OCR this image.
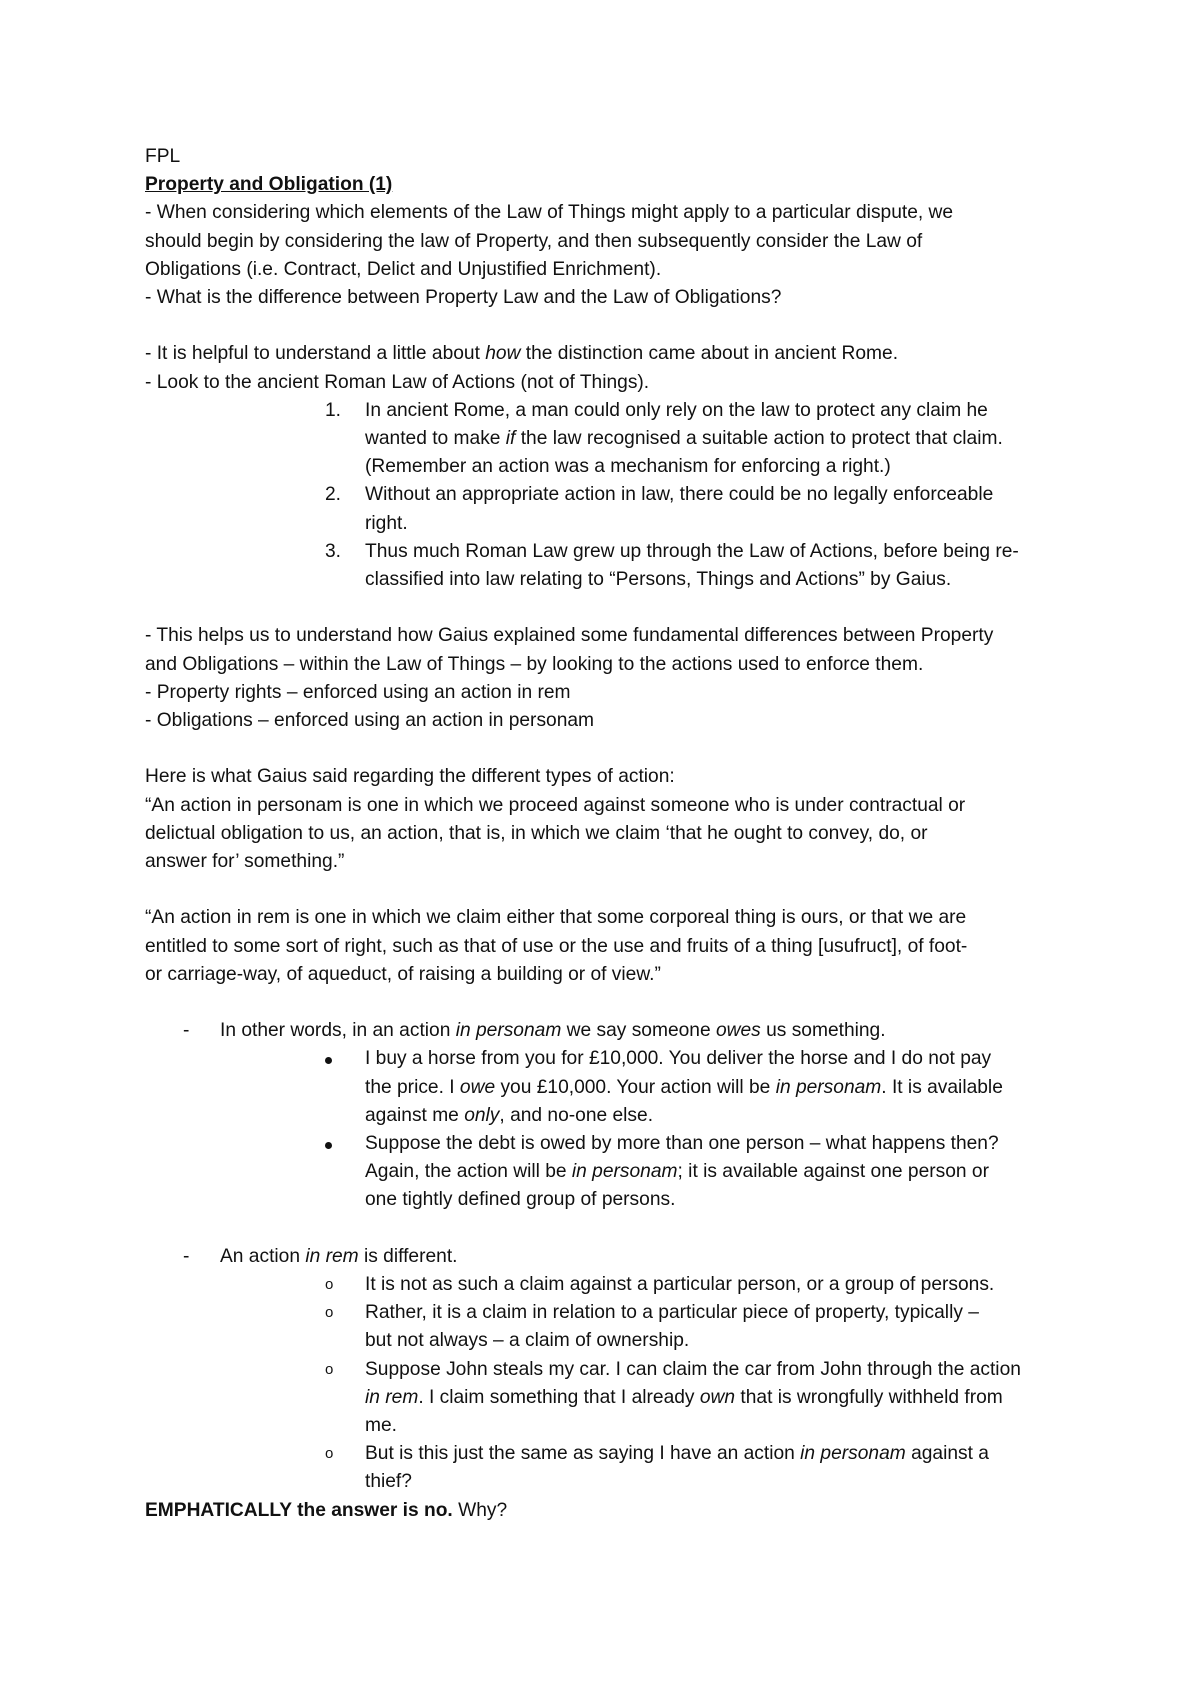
FPL
Property and Obligation (1)
- When considering which elements of the Law of Things might apply to a particular dispute, we
should begin by considering the law of Property, and then subsequently consider the Law of
Obligations (i.e. Contract, Delict and Unjustified Enrichment).
- What is the difference between Property Law and the Law of Obligations?
- It is helpful to understand a little about how the distinction came about in ancient Rome.
- Look to the ancient Roman Law of Actions (not of Things).
1.	In ancient Rome, a man could only rely on the law to protect any claim he
wanted to make if the law recognised a suitable action to protect that claim.
(Remember an action was a mechanism for enforcing a right.)
2.	Without an appropriate action in law, there could be no legally enforceable
right.
3.	Thus much Roman Law grew up through the Law of Actions, before being re-
classified into law relating to “Persons, Things and Actions” by Gaius.
- This helps us to understand how Gaius explained some fundamental differences between Property
and Obligations – within the Law of Things – by looking to the actions used to enforce them.
- Property rights – enforced using an action in rem
- Obligations – enforced using an action in personam
Here is what Gaius said regarding the different types of action:
“An action in personam is one in which we proceed against someone who is under contractual or
delictual obligation to us, an action, that is, in which we claim ‘that he ought to convey, do, or
answer for’ something.”
“An action in rem is one in which we claim either that some corporeal thing is ours, or that we are
entitled to some sort of right, such as that of use or the use and fruits of a thing [usufruct], of foot-
or carriage-way, of aqueduct, of raising a building or of view.”
- In other words, in an action in personam we say someone owes us something.
I buy a horse from you for £10,000. You deliver the horse and I do not pay
the price. I owe you £10,000. Your action will be in personam. It is available
against me only, and no-one else.
Suppose the debt is owed by more than one person – what happens then?
Again, the action will be in personam; it is available against one person or
one tightly defined group of persons.
- An action in rem is different.
o It is not as such a claim against a particular person, or a group of persons.
o Rather, it is a claim in relation to a particular piece of property, typically –
but not always – a claim of ownership.
o Suppose John steals my car. I can claim the car from John through the action
in rem. I claim something that I already own that is wrongfully withheld from
me.
o But is this just the same as saying I have an action in personam against a
thief?
EMPHATICALLY the answer is no. Why?
